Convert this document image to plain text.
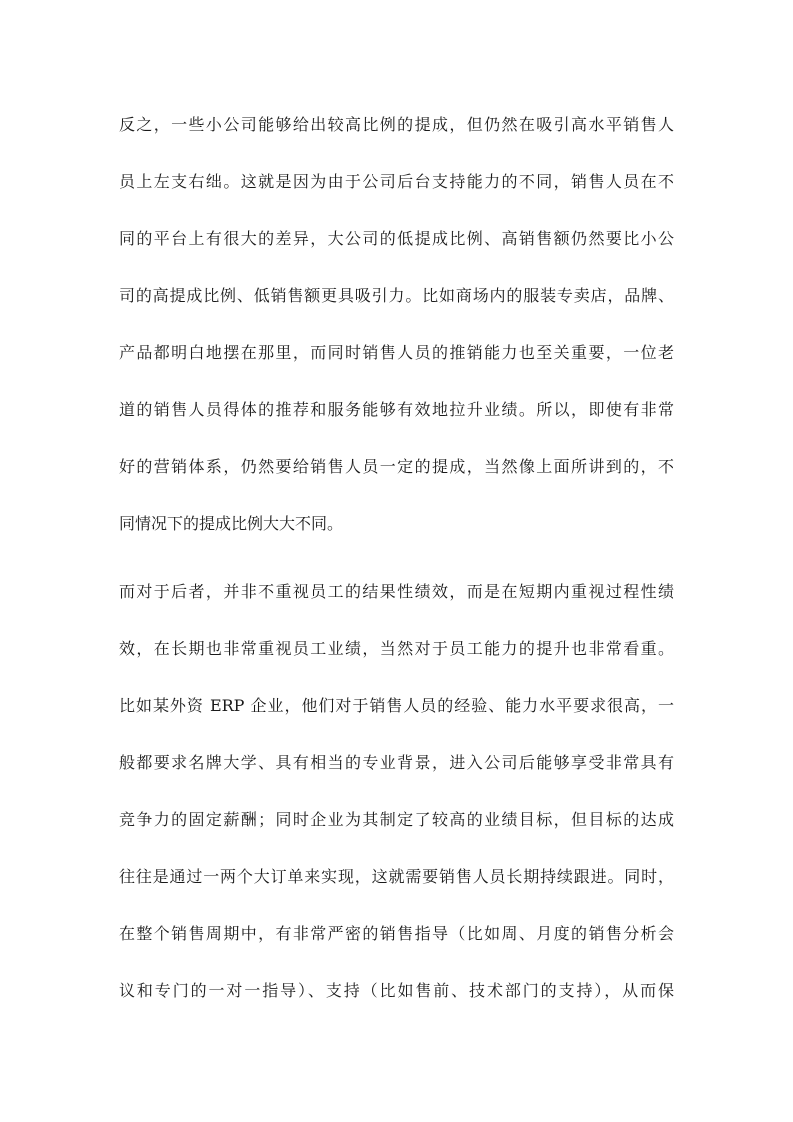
反之，一些小公司能够给出较高比例的提成，但仍然在吸引高水平销售人
员上左支右绌。这就是因为由于公司后台支持能力的不同，销售人员在不
同的平台上有很大的差异，大公司的低提成比例、高销售额仍然要比小公
司的高提成比例、低销售额更具吸引力。比如商场内的服装专卖店，品牌、
产品都明白地摆在那里，而同时销售人员的推销能力也至关重要，一位老
道的销售人员得体的推荐和服务能够有效地拉升业绩。所以，即使有非常
好的营销体系，仍然要给销售人员一定的提成，当然像上面所讲到的，不
同情况下的提成比例大大不同。
而对于后者，并非不重视员工的结果性绩效，而是在短期内重视过程性绩
效，在长期也非常重视员工业绩，当然对于员工能力的提升也非常看重。
比如某外资 ERP 企业，他们对于销售人员的经验、能力水平要求很高，一
般都要求名牌大学、具有相当的专业背景，进入公司后能够享受非常具有
竞争力的固定薪酬；同时企业为其制定了较高的业绩目标，但目标的达成
往往是通过一两个大订单来实现，这就需要销售人员长期持续跟进。同时，
在整个销售周期中，有非常严密的销售指导（比如周、月度的销售分析会
议和专门的一对一指导）、支持（比如售前、技术部门的支持），从而保
